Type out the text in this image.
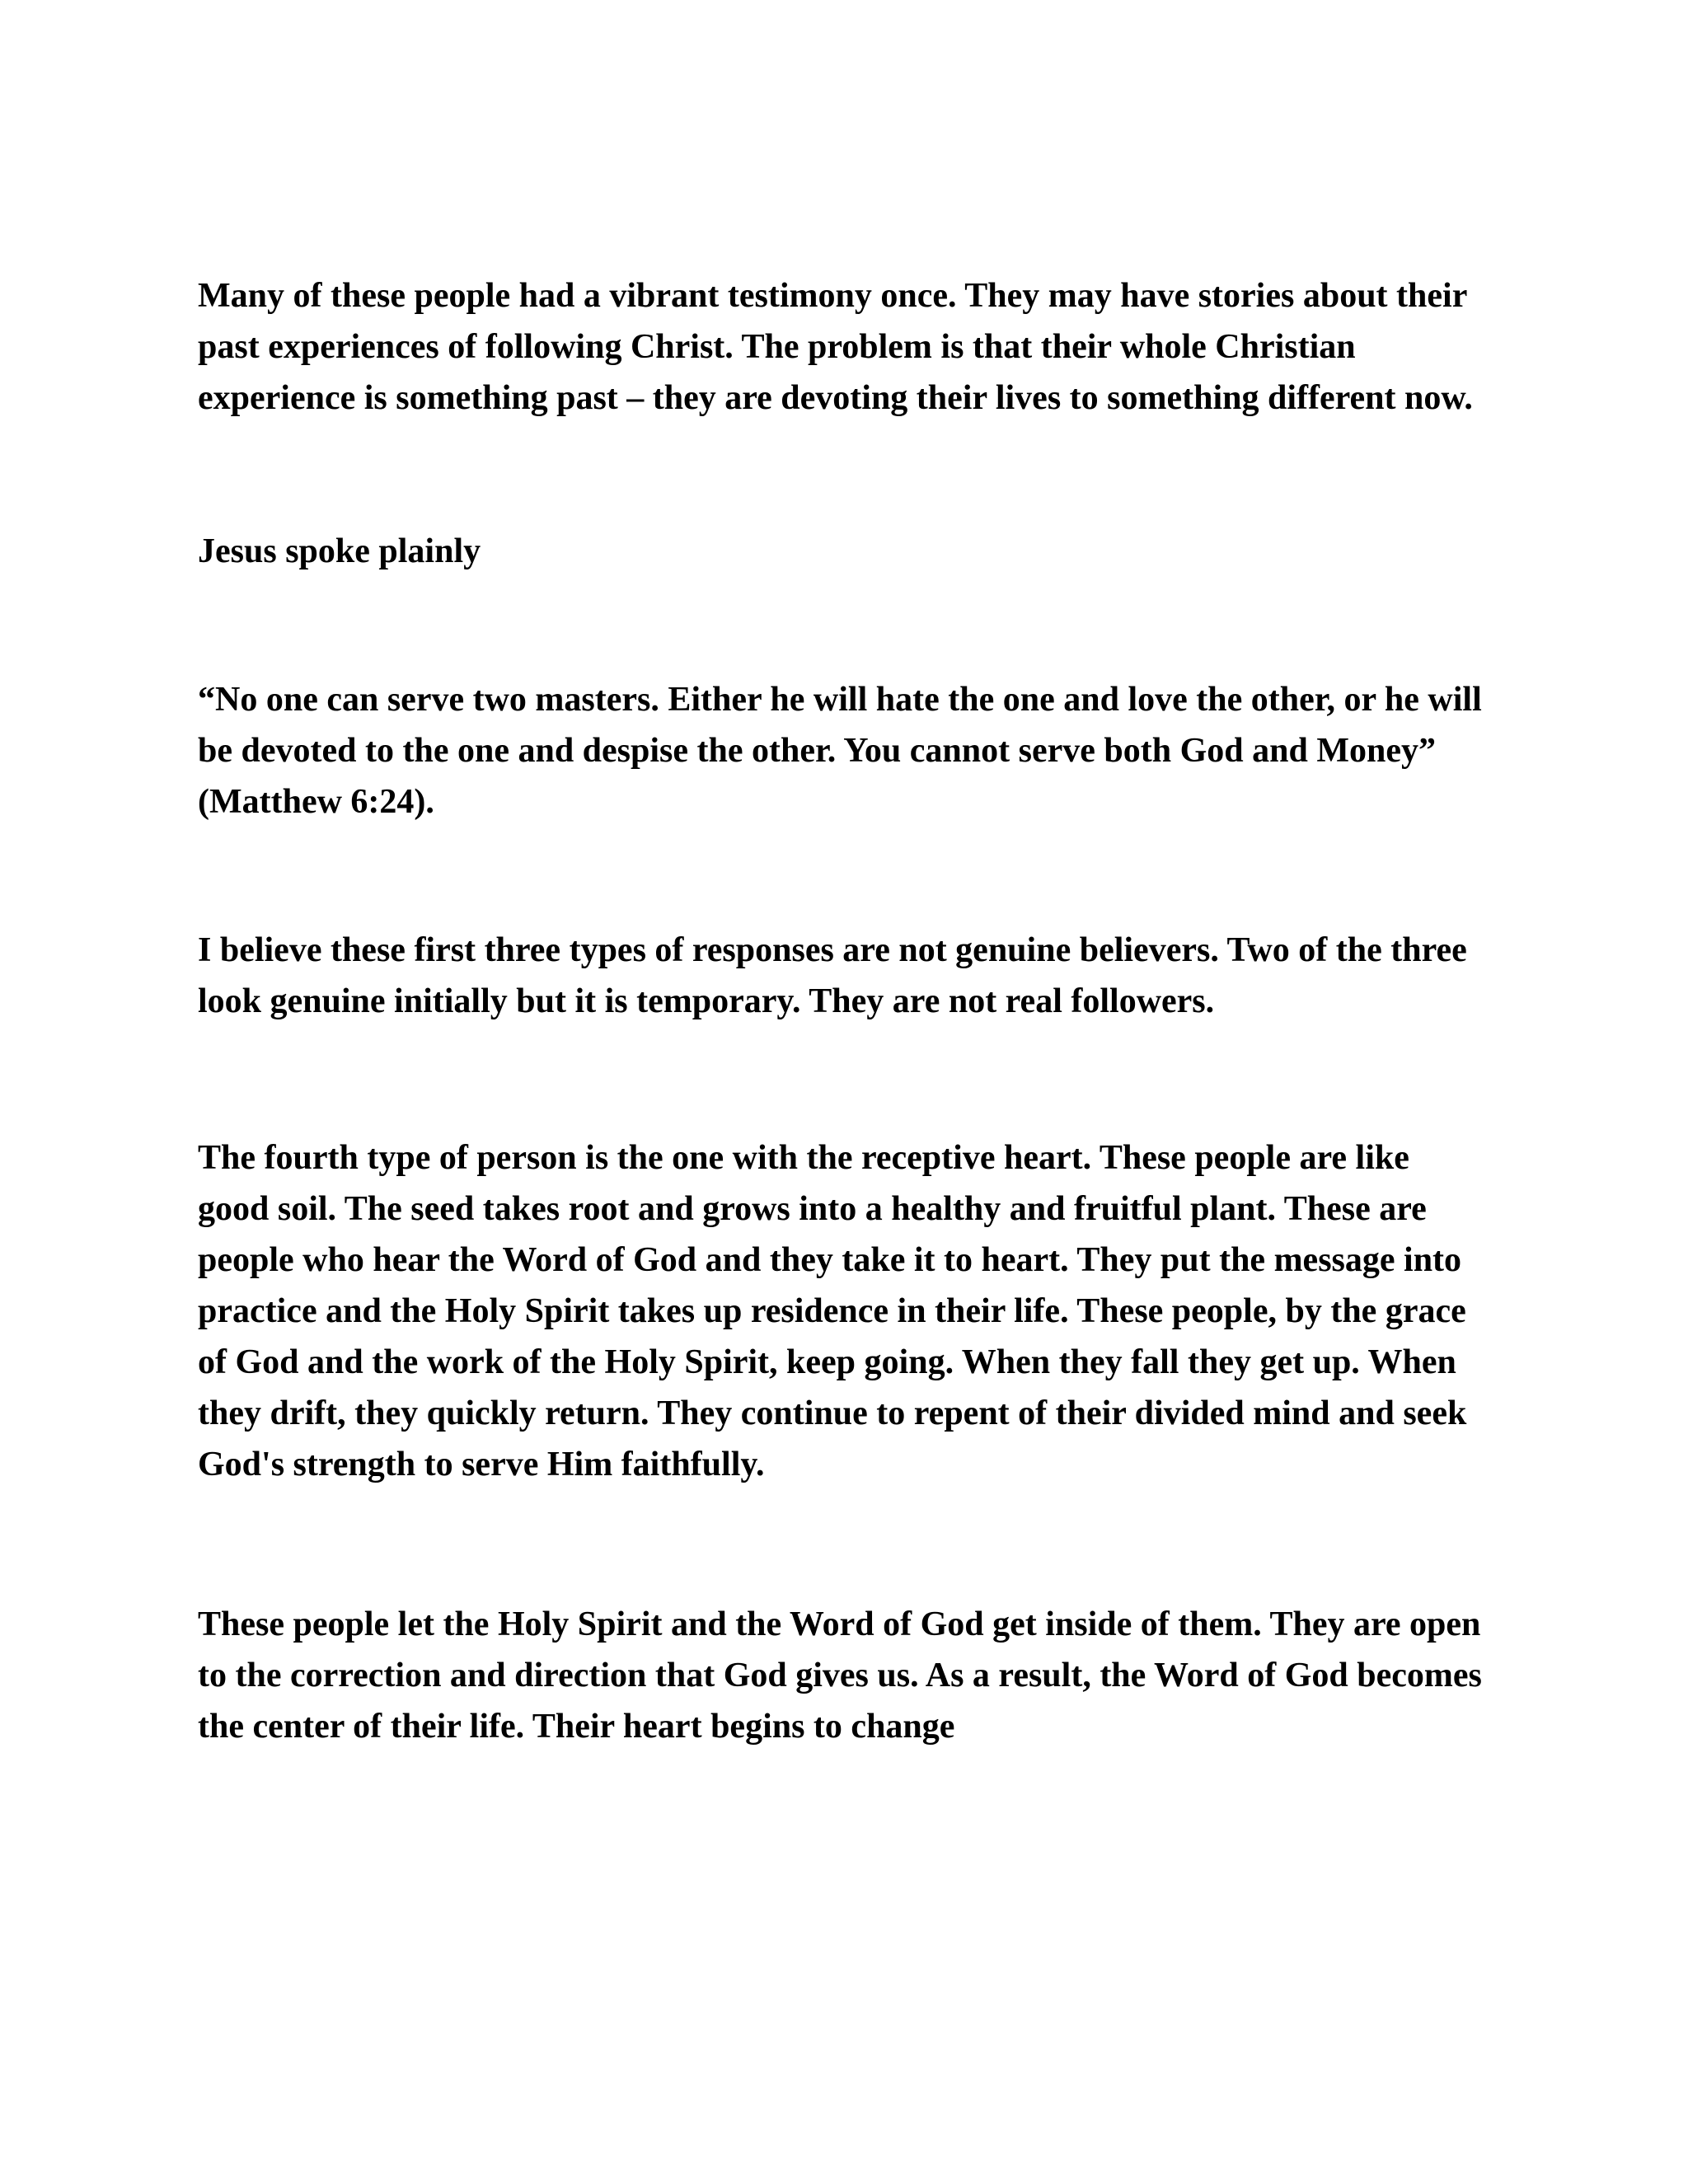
Many of these people had a vibrant testimony once. They may have stories about their past experiences of following Christ. The problem is that their whole Christian experience is something past – they are devoting their lives to something different now.

Jesus spoke plainly

“No one can serve two masters. Either he will hate the one and love the other, or he will be devoted to the one and despise the other. You cannot serve both God and Money” (Matthew 6:24).

I believe these first three types of responses are not genuine believers. Two of the three look genuine initially but it is temporary. They are not real followers.

The fourth type of person is the one with the receptive heart. These people are like good soil. The seed takes root and grows into a healthy and fruitful plant. These are people who hear the Word of God and they take it to heart. They put the message into practice and the Holy Spirit takes up residence in their life. These people, by the grace of God and the work of the Holy Spirit, keep going. When they fall they get up. When they drift, they quickly return. They continue to repent of their divided mind and seek God's strength to serve Him faithfully.

These people let the Holy Spirit and the Word of God get inside of them. They are open to the correction and direction that God gives us. As a result, the Word of God becomes the center of their life. Their heart begins to change
